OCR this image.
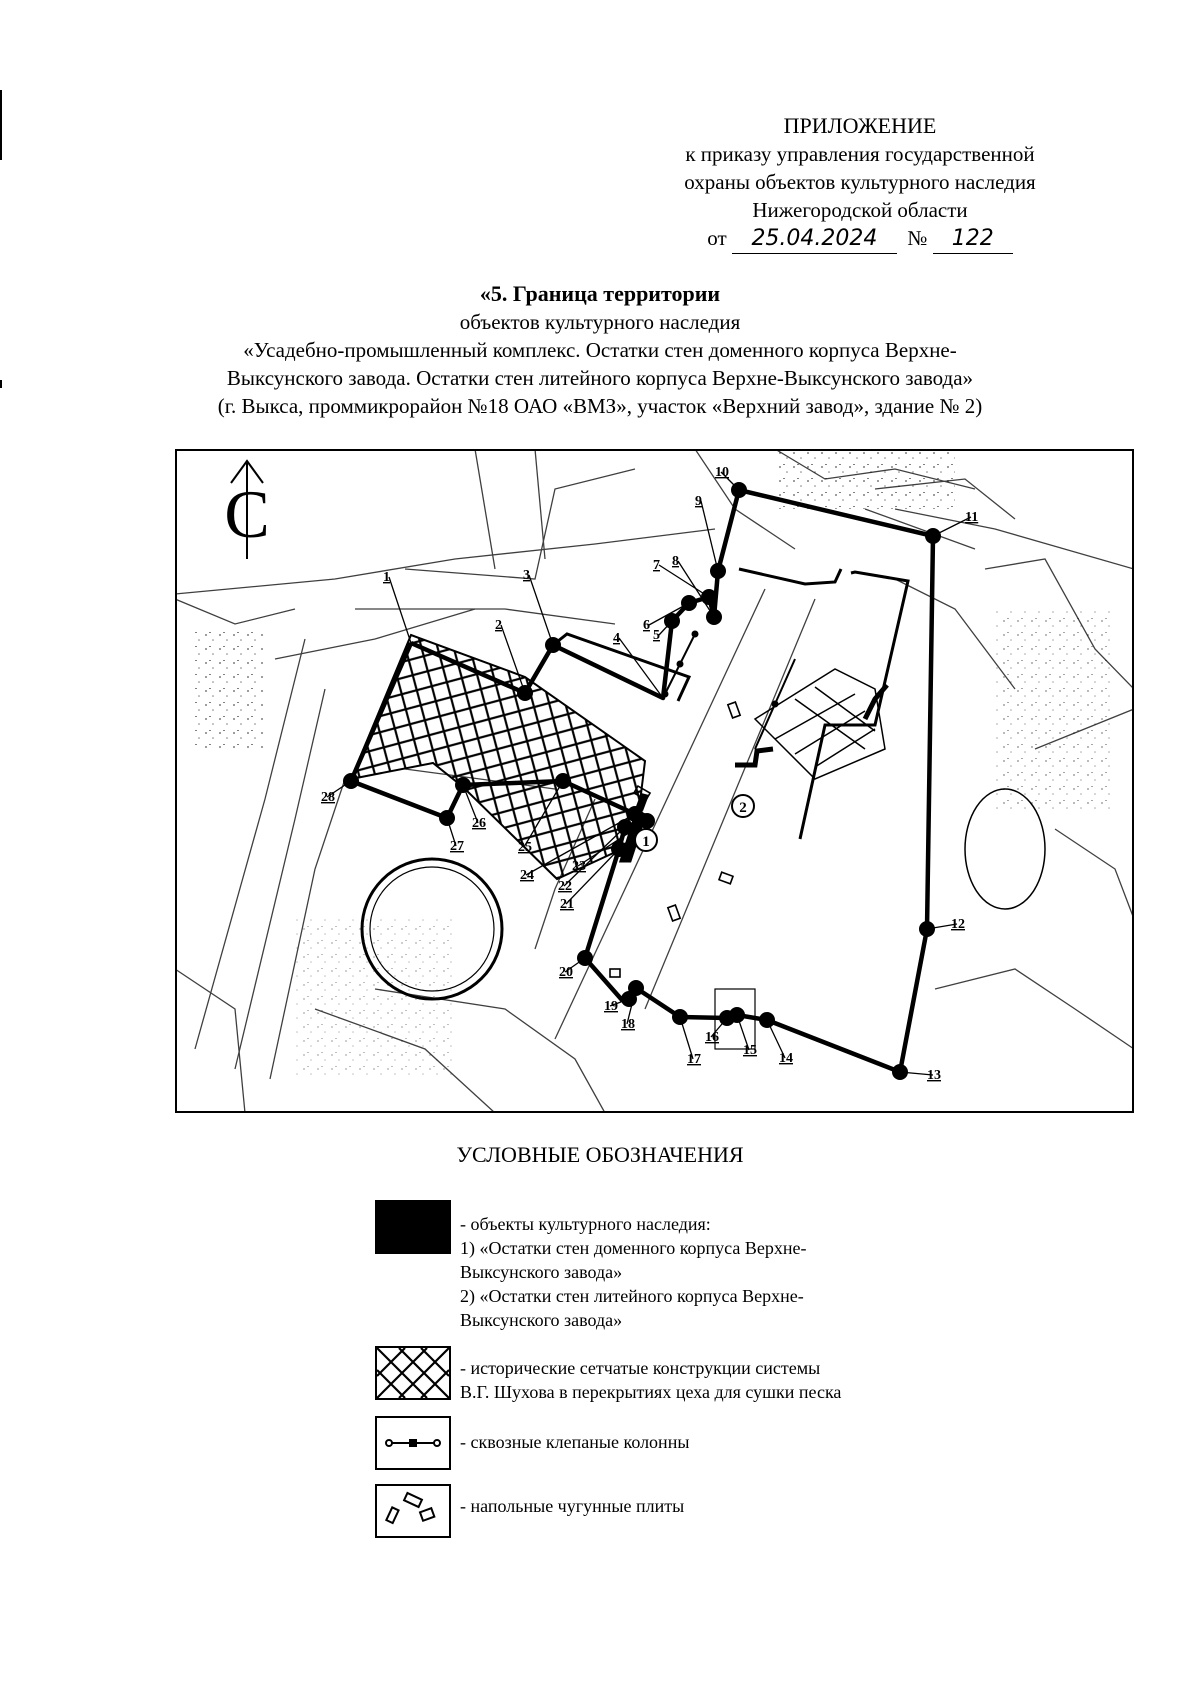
ПРИЛОЖЕНИЕ
к приказу управления государственной
охраны объектов культурного наследия
Нижегородской области
от 25.04.2024 № 122
«5. Граница территории
объектов культурного наследия
«Усадебно-промышленный комплекс. Остатки стен доменного корпуса Верхне-
Выксунского завода. Остатки стен литейного корпуса Верхне-Выксунского завода»
(г. Выкса, проммикрорайон №18 ОАО «ВМЗ», участок «Верхний завод», здание № 2)
С
1
2
1
2
3
4 5
6
7 8
9
10
11
12
13
14
15
16
17
18
19
20
21
22
23
24
25
26
27
28
УСЛОВНЫЕ ОБОЗНАЧЕНИЯ
- объекты культурного наследия:
1) «Остатки стен доменного корпуса Верхне-
Выксунского завода»
2) «Остатки стен литейного корпуса Верхне-
Выксунского завода»
- исторические сетчатые конструкции системы
В.Г. Шухова в перекрытиях цеха для сушки песка
- сквозные клепаные колонны
- напольные чугунные плиты
